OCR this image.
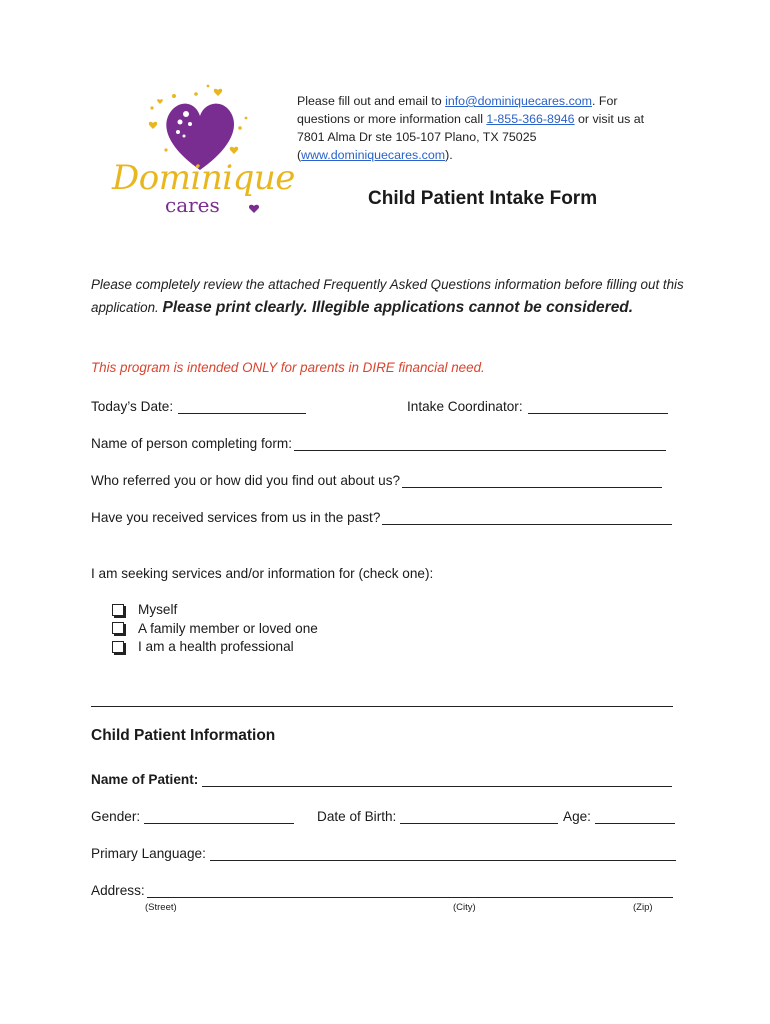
Dominique
cares
Please fill out and email to info@dominiquecares.com. For
questions or more information call 1-855-366-8946 or visit us at
7801 Alma Dr ste 105-107 Plano, TX 75025
(www.dominiquecares.com).
Child Patient Intake Form
Please completely review the attached Frequently Asked Questions information before filling out this application. Please print clearly. Illegible applications cannot be considered.
This program is intended ONLY for parents in DIRE financial need.
Today’s Date:	Intake Coordinator:
Name of person completing form:
Who referred you or how did you find out about us?
Have you received services from us in the past?
I am seeking services and/or information for (check one):
Myself
A family member or loved one
I am a health professional
Child Patient Information
Name of Patient:
Gender:	Date of Birth:	Age:
Primary Language:
Address:
(Street)	(City)	(Zip)
